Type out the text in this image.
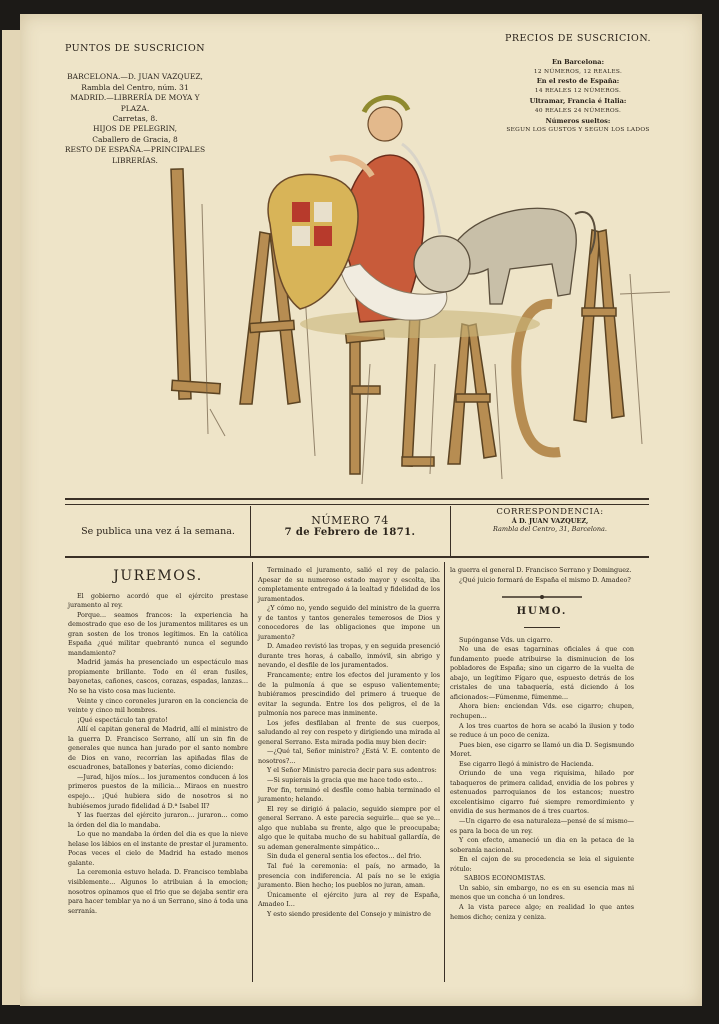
PUNTOS DE SUSCRICION
BARCELONA.—D. JUAN VAZQUEZ,
Rambla del Centro, núm. 31
MADRID.—LIBRERÍA DE MOYA Y PLAZA.
Carretas, 8.
HIJOS DE PELEGRIN,
Caballero de Gracia, 8
RESTO DE ESPAÑA.—PRINCIPALES
LIBRERÍAS.
PRECIOS DE SUSCRICION.
En Barcelona:
12 NÚMEROS, 12 REALES.
En el resto de España:
14 REALES 12 NÚMEROS.
Ultramar, Francia é Italia:
40 REALES 24 NÚMEROS.
Números sueltos:
SEGUN LOS GUSTOS Y SEGUN LOS LADOS
Se publica una vez á la semana.
NÚMERO 74
7 de Febrero de 1871.
CORRESPONDENCIA:
Á D. JUAN VAZQUEZ,
Rambla del Centro, 31, Barcelona.
JUREMOS.

El gobierno acordó que el ejército prestase juramento al rey.

Porque... seamos francos: la experiencia ha demostrado que eso de los juramentos militares es un gran sosten de los tronos legítimos. En la católica España ¿qué militar quebrantó nunca el segundo mandamiento?

Madrid jamás ha presenciado un espectáculo mas propiamente brillante. Todo en él eran fusiles, bayonetas, cañones, cascos, corazas, espadas, lanzas... No se ha visto cosa mas luciente.

Veinte y cinco coroneles juraron en la conciencia de veinte y cinco mil hombres.

¡Qué espectáculo tan grato!

Allí el capitan general de Madrid, allí el ministro de la guerra D. Francisco Serrano, allí un sin fin de generales que nunca han jurado por el santo nombre de Dios en vano, recorrían las apiñadas filas de escuadrones, batallones y baterías, como diciendo:

—Jurad, hijos míos... los juramentos conducen á los primeros puestos de la milicia... Miraos en nuestro espejo... ¡Qué hubiera sido de nosotros si no hubiésemos jurado fidelidad á D.ª Isabel II?

Y las fuerzas del ejército juraron... juraron... como la órden del dia lo mandaba.

Lo que no mandaba la órden del dia es que la nieve helase los lábios en el instante de prestar el juramento. Pocas veces el cielo de Madrid ha estado menos galante.

La ceremonia estuvo helada. D. Francisco temblaba visiblemente... Algunos lo atribuian á la emocion; nosotros opinamos que el frio que se dejaba sentir era para hacer temblar ya no á un Serrano, sino á toda una serranía.

Terminado el juramento, salió el rey de palacio. Apesar de su numeroso estado mayor y escolta, iba completamente entregado á la lealtad y fidelidad de los juramentados.

¿Y cómo no, yendo seguido del ministro de la guerra y de tantos y tantos generales temerosos de Dios y conocedores de las obligaciones que impone un juramento?

D. Amadeo revistó las tropas, y en seguida presenció durante tres horas, á caballo, inmóvil, sin abrigo y nevando, el desfile de los juramentados.

Francamente; entre los efectos del juramento y los de la pulmonía á que se espuso valientemente; hubiéramos prescindido del primero á trueque de evitar la segunda. Entre los dos peligros, el de la pulmonía nos parece mas inminente.

Los jefes desfilaban al frente de sus cuerpos, saludando al rey con respeto y dirigiendo una mirada al general Serrano. Esta mirada podia muy bien decir:

—¿Qué tal, Señor ministro? ¿Está V. E. contento de nosotros?...

Y el Señor Ministro parecia decir para sus adentros:

—Si supierais la gracia que me hace todo esto...

Por fin, terminó el desfile como habia terminado el juramento; helando.

El rey se dirigió á palacio, seguido siempre por el general Serrano. A este parecia seguirle... que se ye... algo que nublaba su frente, algo que le preocupaba; algo que le quitaba mucho de su habitual gallardía, de su ademan generalmente simpático...

Sin duda el general sentia los efectos... del frio.

Tal fué la ceremonia: el país, no armado, la presencia con indiferencia. Al país no se le exigia juramento. Bien hecho; los pueblos no juran, aman.

Únicamente el ejército jura al rey de España, Amadeo I...

Y esto siendo presidente del Consejo y ministro de

la guerra el general D. Francisco Serrano y Dominguez.

¿Qué juicio formará de España el mismo D. Amadeo?

HUMO.

Supónganse Vds. un cigarro.

No una de esas tagarninas oficiales á que con fundamento puede atribuirse la disminucion de los pobladores de España; sino un cigarro de la vuelta de abajo, un legítimo Fígaro que, espuesto detrás de los cristales de una tabaquería, está diciendo á los aficionados:—Fúmenme, fúmenme...

Ahora bien: enciendan Vds. ese cigarro; chupen, rechupen...

A los tres cuartos de hora se acabó la ilusion y todo se reduce á un poco de ceniza.

Pues bien, ese cigarro se llamó un dia D. Segismundo Moret.

Ese cigarro llegó á ministro de Hacienda.

Oriundo de una vega riquísima, hilado por tabaqueros de primera calidad, envidia de los pobres y estenuados parroquianos de los estancos; nuestro excelentísimo cigarro fué siempre remordimiento y envidia de sus hermanos de á tres cuartos.

—Un cigarro de esa naturaleza—pensé de sí mismo—es para la boca de un rey.

Y con efecto, amaneció un dia en la petaca de la soberanía nacional.

En el cajon de su procedencia se leia el siguiente rótulo:

SABIOS ECONOMISTAS.

Un sabio, sin embargo, no es en su esencia mas ni menos que un concha ó un londres.

A la vista parece algo; en realidad lo que antes hemos dicho; ceniza y ceniza.
